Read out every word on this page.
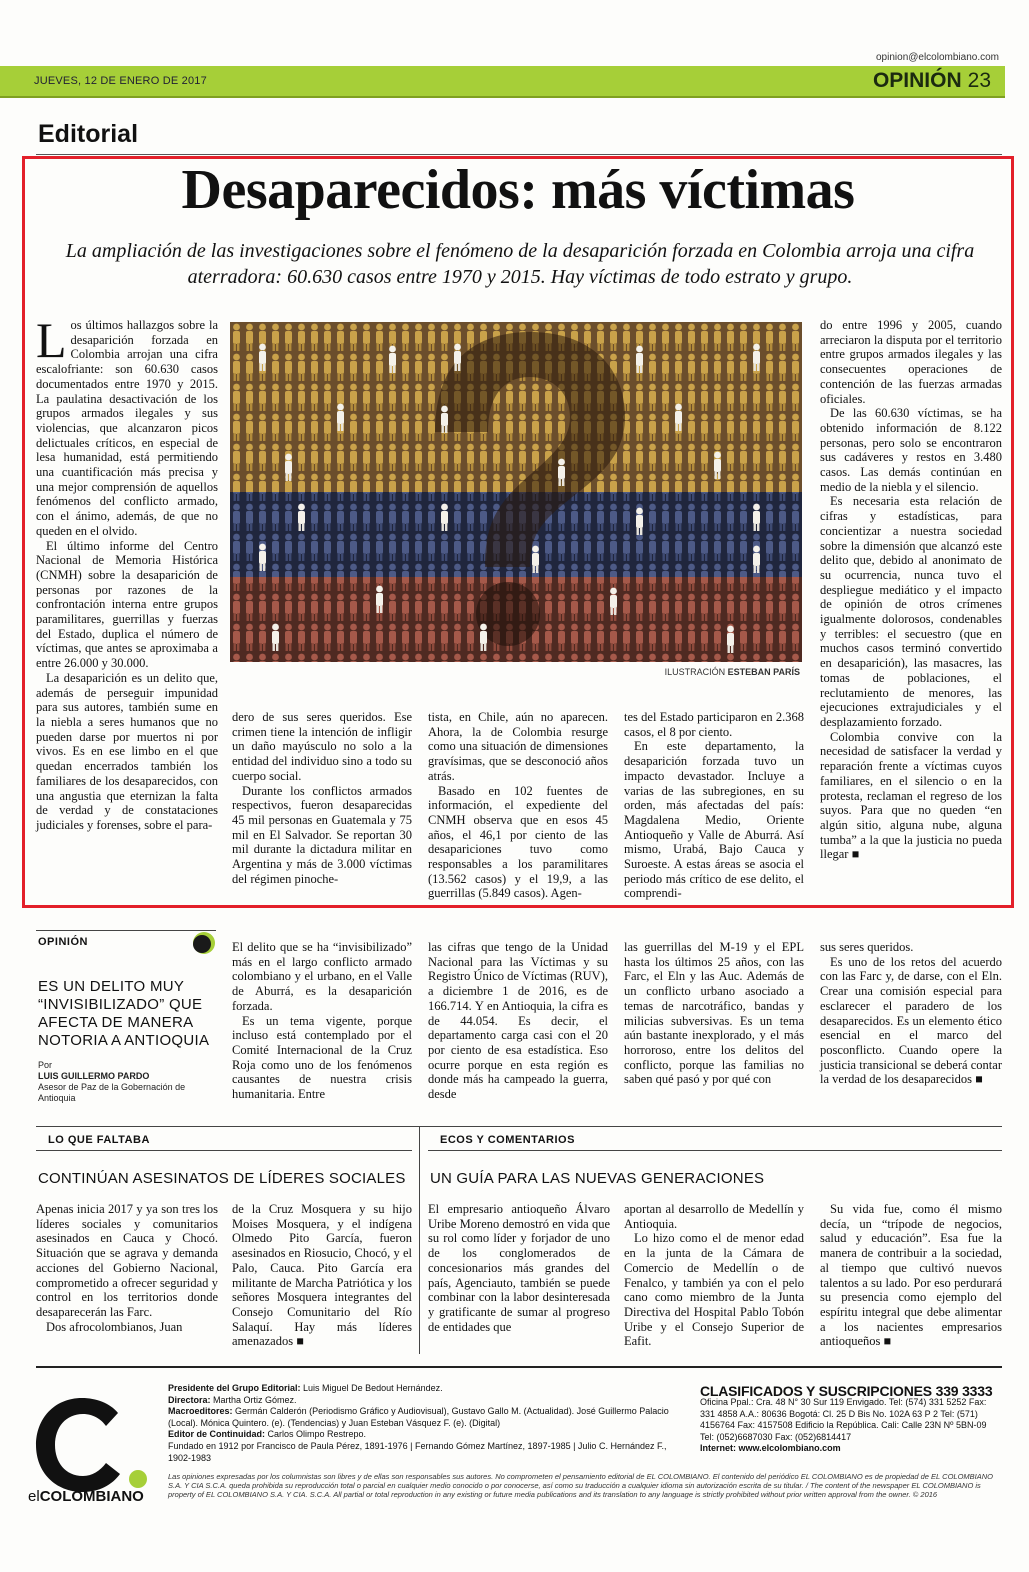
opinion@elcolombiano.com
JUEVES, 12 DE ENERO DE 2017	OPINIÓN 23
Editorial
Desaparecidos: más víctimas
La ampliación de las investigaciones sobre el fenómeno de la desaparición forzada en Colombia arroja una cifra aterradora: 60.630 casos entre 1970 y 2015. Hay víctimas de todo estrato y grupo.

Los últimos hallazgos sobre la desaparición forzada en Colombia arrojan una cifra escalofriante: son 60.630 casos documentados entre 1970 y 2015. La paulatina desactivación de los grupos armados ilegales y sus violencias, que alcanzaron picos delictuales críticos, en especial de lesa humanidad, está permitiendo una cuantificación más precisa y una mejor comprensión de aquellos fenómenos del conflicto armado, con el ánimo, además, de que no queden en el olvido.

El último informe del Centro Nacional de Memoria Histórica (CNMH) sobre la desaparición de personas por razones de la confrontación interna entre grupos paramilitares, guerrillas y fuerzas del Estado, duplica el número de víctimas, que antes se aproximaba a entre 26.000 y 30.000.

La desaparición es un delito que, además de perseguir impunidad para sus autores, también sume en la niebla a seres humanos que no pueden darse por muertos ni por vivos. Es en ese limbo en el que quedan encerrados también los familiares de los desaparecidos, con una angustia que eternizan la falta de verdad y de constataciones judiciales y forenses, sobre el para-

ILUSTRACIÓN ESTEBAN PARÍS

dero de sus seres queridos. Ese crimen tiene la intención de infligir un daño mayúsculo no solo a la entidad del individuo sino a todo su cuerpo social.

Durante los conflictos armados respectivos, fueron desaparecidas 45 mil personas en Guatemala y 75 mil en El Salvador. Se reportan 30 mil durante la dictadura militar en Argentina y más de 3.000 víctimas del régimen pinoche-

tista, en Chile, aún no aparecen. Ahora, la de Colombia resurge como una situación de dimensiones gravísimas, que se desconoció años atrás.

Basado en 102 fuentes de información, el expediente del CNMH observa que en esos 45 años, el 46,1 por ciento de las desapariciones tuvo como responsables a los paramilitares (13.562 casos) y el 19,9, a las guerrillas (5.849 casos). Agen-

tes del Estado participaron en 2.368 casos, el 8 por ciento.

En este departamento, la desaparición forzada tuvo un impacto devastador. Incluye a varias de las subregiones, en su orden, más afectadas del país: Magdalena Medio, Oriente Antioqueño y Valle de Aburrá. Así mismo, Urabá, Bajo Cauca y Suroeste. A estas áreas se asocia el periodo más crítico de ese delito, el comprendi-

do entre 1996 y 2005, cuando arreciaron la disputa por el territorio entre grupos armados ilegales y las consecuentes operaciones de contención de las fuerzas armadas oficiales.

De las 60.630 víctimas, se ha obtenido información de 8.122 personas, pero solo se encontraron sus cadáveres y restos en 3.480 casos. Las demás continúan en medio de la niebla y el silencio.

Es necesaria esta relación de cifras y estadísticas, para concientizar a nuestra sociedad sobre la dimensión que alcanzó este delito que, debido al anonimato de su ocurrencia, nunca tuvo el despliegue mediático y el impacto de opinión de otros crímenes igualmente dolorosos, condenables y terribles: el secuestro (que en muchos casos terminó convertido en desaparición), las masacres, las tomas de poblaciones, el reclutamiento de menores, las ejecuciones extrajudiciales y el desplazamiento forzado.

Colombia convive con la necesidad de satisfacer la verdad y reparación frente a víctimas cuyos familiares, en el silencio o en la protesta, reclaman el regreso de los suyos. Para que no queden “en algún sitio, alguna nube, alguna tumba” a la que la justicia no pueda llegar ■

OPINIÓN
ES UN DELITO MUY “INVISIBILIZADO” QUE AFECTA DE MANERA NOTORIA A ANTIOQUIA
Por
LUIS GUILLERMO PARDO
Asesor de Paz de la Gobernación de Antioquia

El delito que se ha “invisibilizado” más en el largo conflicto armado colombiano y el urbano, en el Valle de Aburrá, es la desaparición forzada.

Es un tema vigente, porque incluso está contemplado por el Comité Internacional de la Cruz Roja como uno de los fenómenos causantes de nuestra crisis humanitaria. Entre

las cifras que tengo de la Unidad Nacional para las Víctimas y su Registro Único de Víctimas (RUV), a diciembre 1 de 2016, es de 166.714. Y en Antioquia, la cifra es de 44.054. Es decir, el departamento carga casi con el 20 por ciento de esa estadística. Eso ocurre porque en esta región es donde más ha campeado la guerra, desde

las guerrillas del M-19 y el EPL hasta los últimos 25 años, con las Farc, el Eln y las Auc. Además de un conflicto urbano asociado a temas de narcotráfico, bandas y milicias subversivas. Es un tema aún bastante inexplorado, y el más horroroso, entre los delitos del conflicto, porque las familias no saben qué pasó y por qué con

sus seres queridos.

Es uno de los retos del acuerdo con las Farc y, de darse, con el Eln. Crear una comisión especial para esclarecer el paradero de los desaparecidos. Es un elemento ético esencial en el marco del posconflicto. Cuando opere la justicia transicional se deberá contar la verdad de los desaparecidos ■

LO QUE FALTABA
CONTINÚAN ASESINATOS DE LÍDERES SOCIALES

Apenas inicia 2017 y ya son tres los líderes sociales y comunitarios asesinados en Cauca y Chocó. Situación que se agrava y demanda acciones del Gobierno Nacional, comprometido a ofrecer seguridad y control en los territorios donde desaparecerán las Farc.

Dos afrocolombianos, Juan

de la Cruz Mosquera y su hijo Moises Mosquera, y el indígena Olmedo Pito García, fueron asesinados en Riosucio, Chocó, y el Palo, Cauca. Pito García era militante de Marcha Patriótica y los señores Mosquera integrantes del Consejo Comunitario del Río Salaquí. Hay más líderes amenazados ■

ECOS Y COMENTARIOS
UN GUÍA PARA LAS NUEVAS GENERACIONES

El empresario antioqueño Álvaro Uribe Moreno demostró en vida que su rol como líder y forjador de uno de los conglomerados de concesionarios más grandes del país, Agenciauto, también se puede combinar con la labor desinteresada y gratificante de sumar al progreso de entidades que

aportan al desarrollo de Medellín y Antioquia.

Lo hizo como el de menor edad en la junta de la Cámara de Comercio de Medellín o de Fenalco, y también ya con el pelo cano como miembro de la Junta Directiva del Hospital Pablo Tobón Uribe y el Consejo Superior de Eafit.

Su vida fue, como él mismo decía, un “trípode de negocios, salud y educación”. Esa fue la manera de contribuir a la sociedad, al tiempo que cultivó nuevos talentos a su lado. Por eso perdurará su presencia como ejemplo del espíritu integral que debe alimentar a los nacientes empresarios antioqueños ■

elCOLOMBIANO
Presidente del Grupo Editorial: Luis Miguel De Bedout Hernández.
Directora: Martha Ortiz Gómez.
Macroeditores: Germán Calderón (Periodismo Gráfico y Audiovisual), Gustavo Gallo M. (Actualidad). José Guillermo Palacio (Local). Mónica Quintero. (e). (Tendencias) y Juan Esteban Vásquez F. (e). (Digital)
Editor de Continuidad: Carlos Olimpo Restrepo.
Fundado en 1912 por Francisco de Paula Pérez, 1891-1976 | Fernando Gómez Martínez, 1897-1985 | Julio C. Hernández F., 1902-1983
CLASIFICADOS Y SUSCRIPCIONES 339 3333
Oficina Ppal.: Cra. 48 N° 30 Sur 119 Envigado. Tel: (574) 331 5252 Fax: 331 4858 A.A.: 80636 Bogotá: Cl. 25 D Bis No. 102A 63 P 2 Tel: (571) 4156764 Fax: 4157508 Edificio la República. Cali: Calle 23N Nº 5BN-09 Tel: (052)6687030 Fax: (052)6814417
Internet: www.elcolombiano.com
Las opiniones expresadas por los columnistas son libres y de ellas son responsables sus autores. No comprometen el pensamiento editorial de EL COLOMBIANO. El contenido del periódico EL COLOMBIANO es de propiedad de EL COLOMBIANO S.A. Y CIA S.C.A. queda prohibida su reproducción total o parcial en cualquier medio conocido o por conocerse, así como su traducción a cualquier idioma sin autorización escrita de su titular. / The content of the newspaper EL COLOMBIANO is property of EL COLOMBIANO S.A. Y CIA. S.C.A. All partial or total reproduction in any existing or future media publications and its translation to any language is strictly prohibited without prior written approval from the owner. © 2016
